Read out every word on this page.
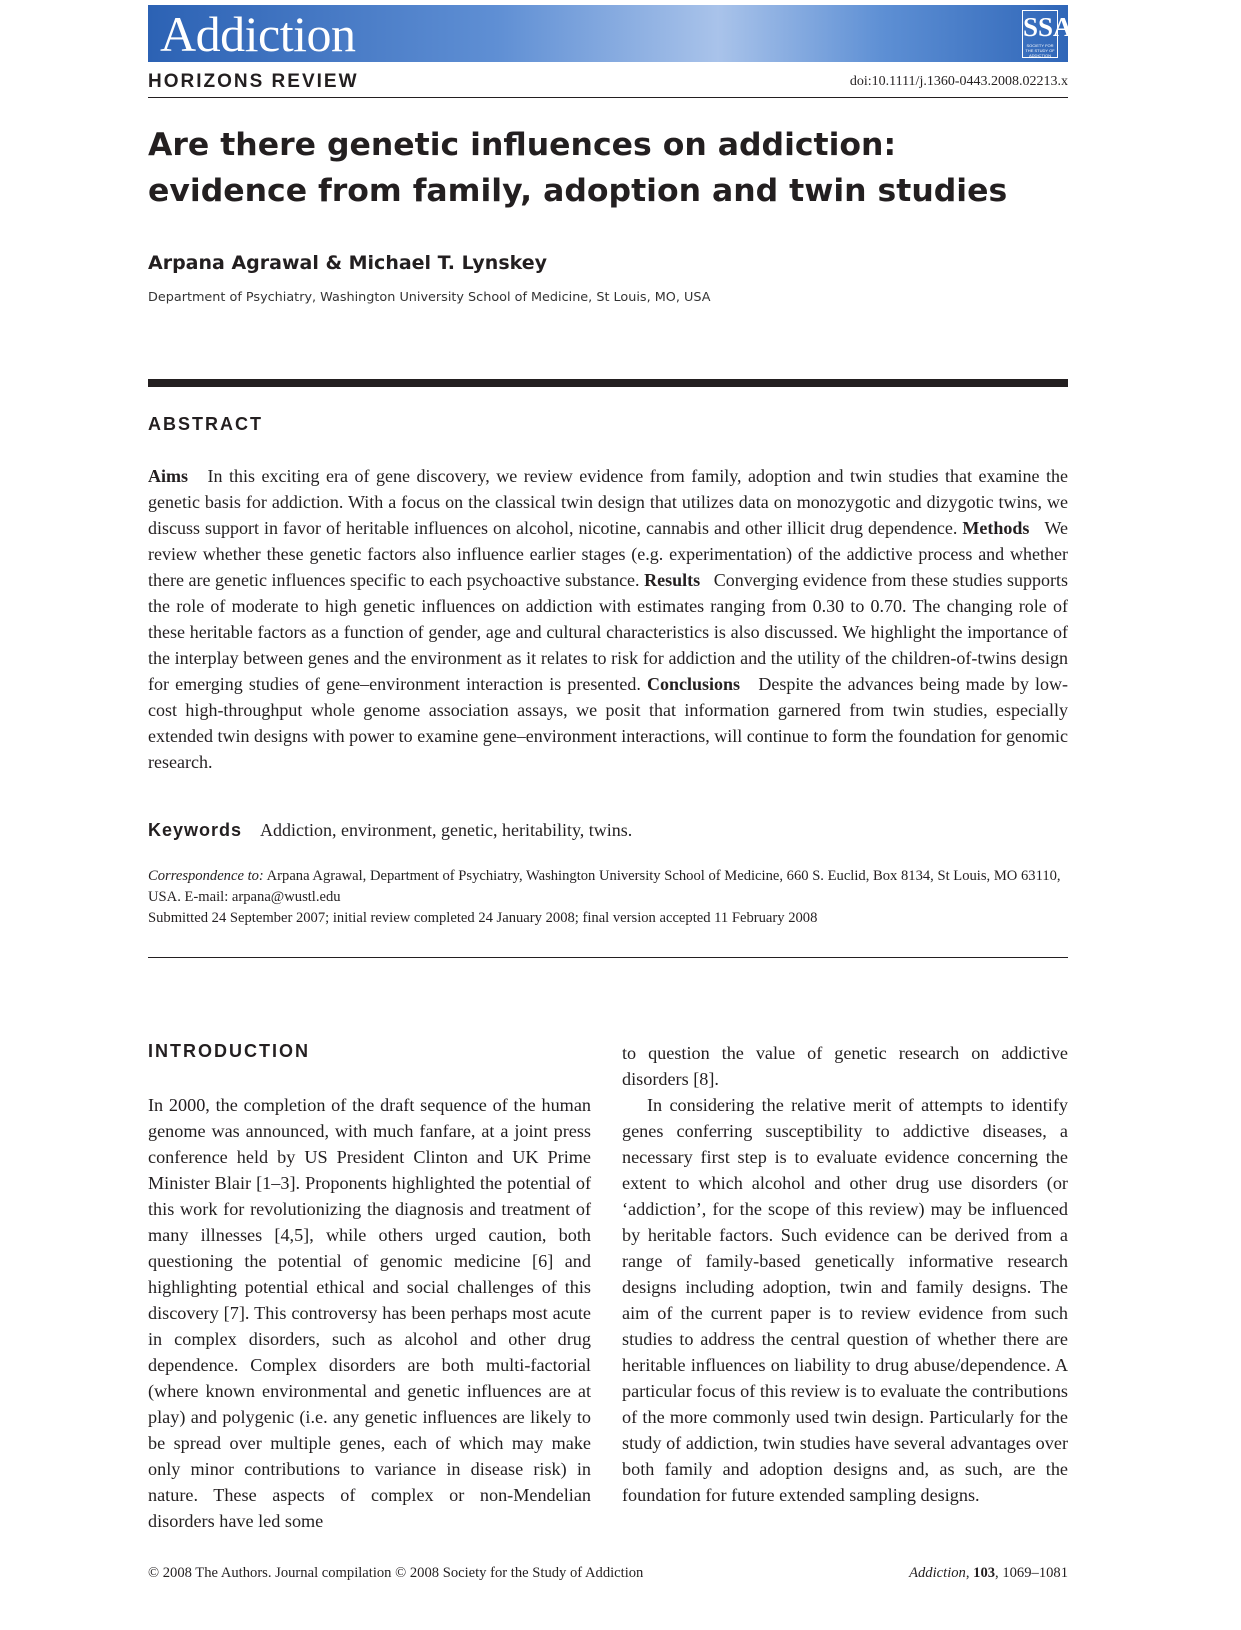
Addiction	SSA
SOCIETY FOR THE STUDY OF ADDICTION
HORIZONS REVIEW	doi:10.1111/j.1360-0443.2008.02213.x
Are there genetic influences on addiction:
evidence from family, adoption and twin studies
Arpana Agrawal & Michael T. Lynskey
Department of Psychiatry, Washington University School of Medicine, St Louis, MO, USA
ABSTRACT

Aims In this exciting era of gene discovery, we review evidence from family, adoption and twin studies that examine the genetic basis for addiction. With a focus on the classical twin design that utilizes data on monozygotic and dizygotic twins, we discuss support in favor of heritable influences on alcohol, nicotine, cannabis and other illicit drug dependence. Methods We review whether these genetic factors also influence earlier stages (e.g. experimentation) of the addictive process and whether there are genetic influences specific to each psychoactive substance. Results Converging evidence from these studies supports the role of moderate to high genetic influences on addiction with estimates ranging from 0.30 to 0.70. The changing role of these heritable factors as a function of gender, age and cultural characteristics is also discussed. We highlight the importance of the interplay between genes and the environment as it relates to risk for addiction and the utility of the children-of-twins design for emerging studies of gene–environment interaction is presented. Conclusions Despite the advances being made by low-cost high-throughput whole genome association assays, we posit that information garnered from twin studies, especially extended twin designs with power to examine gene–environment interactions, will continue to form the foundation for genomic research.

Keywords Addiction, environment, genetic, heritability, twins.

Correspondence to: Arpana Agrawal, Department of Psychiatry, Washington University School of Medicine, 660 S. Euclid, Box 8134, St Louis, MO 63110, USA. E-mail: arpana@wustl.edu
Submitted 24 September 2007; initial review completed 24 January 2008; final version accepted 11 February 2008

INTRODUCTION

In 2000, the completion of the draft sequence of the human genome was announced, with much fanfare, at a joint press conference held by US President Clinton and UK Prime Minister Blair [1–3]. Proponents highlighted the potential of this work for revolutionizing the diagnosis and treatment of many illnesses [4,5], while others urged caution, both questioning the potential of genomic medicine [6] and highlighting potential ethical and social challenges of this discovery [7]. This controversy has been perhaps most acute in complex disorders, such as alcohol and other drug dependence. Complex disorders are both multi-factorial (where known environmental and genetic influences are at play) and polygenic (i.e. any genetic influences are likely to be spread over multiple genes, each of which may make only minor contributions to variance in disease risk) in nature. These aspects of complex or non-Mendelian disorders have led some

to question the value of genetic research on addictive disorders [8].
In considering the relative merit of attempts to identify genes conferring susceptibility to addictive diseases, a necessary first step is to evaluate evidence concerning the extent to which alcohol and other drug use disorders (or ‘addiction’, for the scope of this review) may be influenced by heritable factors. Such evidence can be derived from a range of family-based genetically informative research designs including adoption, twin and family designs. The aim of the current paper is to review evidence from such studies to address the central question of whether there are heritable influences on liability to drug abuse/dependence. A particular focus of this review is to evaluate the contributions of the more commonly used twin design. Particularly for the study of addiction, twin studies have several advantages over both family and adoption designs and, as such, are the foundation for future extended sampling designs.
© 2008 The Authors. Journal compilation © 2008 Society for the Study of Addiction	Addiction, 103, 1069–1081
